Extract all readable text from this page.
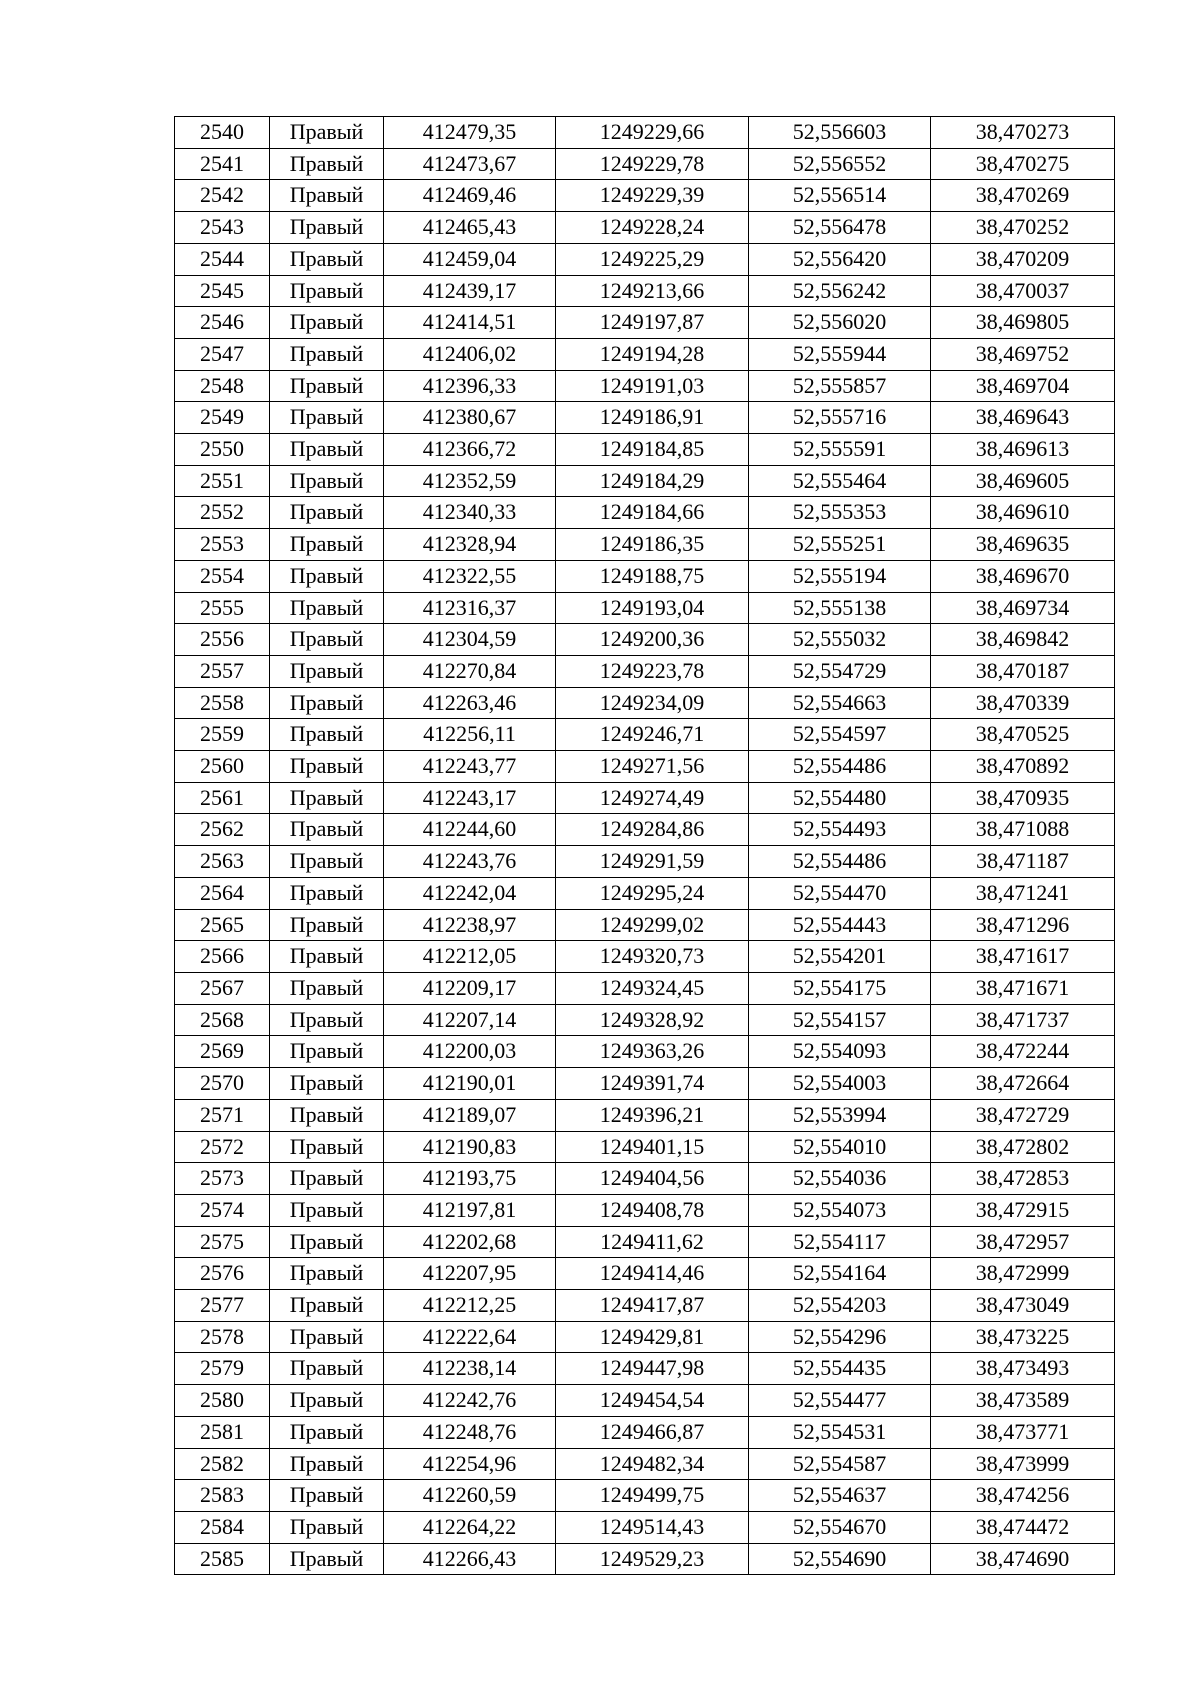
2540	Правый	412479,35	1249229,66	52,556603	38,470273
2541	Правый	412473,67	1249229,78	52,556552	38,470275
2542	Правый	412469,46	1249229,39	52,556514	38,470269
2543	Правый	412465,43	1249228,24	52,556478	38,470252
2544	Правый	412459,04	1249225,29	52,556420	38,470209
2545	Правый	412439,17	1249213,66	52,556242	38,470037
2546	Правый	412414,51	1249197,87	52,556020	38,469805
2547	Правый	412406,02	1249194,28	52,555944	38,469752
2548	Правый	412396,33	1249191,03	52,555857	38,469704
2549	Правый	412380,67	1249186,91	52,555716	38,469643
2550	Правый	412366,72	1249184,85	52,555591	38,469613
2551	Правый	412352,59	1249184,29	52,555464	38,469605
2552	Правый	412340,33	1249184,66	52,555353	38,469610
2553	Правый	412328,94	1249186,35	52,555251	38,469635
2554	Правый	412322,55	1249188,75	52,555194	38,469670
2555	Правый	412316,37	1249193,04	52,555138	38,469734
2556	Правый	412304,59	1249200,36	52,555032	38,469842
2557	Правый	412270,84	1249223,78	52,554729	38,470187
2558	Правый	412263,46	1249234,09	52,554663	38,470339
2559	Правый	412256,11	1249246,71	52,554597	38,470525
2560	Правый	412243,77	1249271,56	52,554486	38,470892
2561	Правый	412243,17	1249274,49	52,554480	38,470935
2562	Правый	412244,60	1249284,86	52,554493	38,471088
2563	Правый	412243,76	1249291,59	52,554486	38,471187
2564	Правый	412242,04	1249295,24	52,554470	38,471241
2565	Правый	412238,97	1249299,02	52,554443	38,471296
2566	Правый	412212,05	1249320,73	52,554201	38,471617
2567	Правый	412209,17	1249324,45	52,554175	38,471671
2568	Правый	412207,14	1249328,92	52,554157	38,471737
2569	Правый	412200,03	1249363,26	52,554093	38,472244
2570	Правый	412190,01	1249391,74	52,554003	38,472664
2571	Правый	412189,07	1249396,21	52,553994	38,472729
2572	Правый	412190,83	1249401,15	52,554010	38,472802
2573	Правый	412193,75	1249404,56	52,554036	38,472853
2574	Правый	412197,81	1249408,78	52,554073	38,472915
2575	Правый	412202,68	1249411,62	52,554117	38,472957
2576	Правый	412207,95	1249414,46	52,554164	38,472999
2577	Правый	412212,25	1249417,87	52,554203	38,473049
2578	Правый	412222,64	1249429,81	52,554296	38,473225
2579	Правый	412238,14	1249447,98	52,554435	38,473493
2580	Правый	412242,76	1249454,54	52,554477	38,473589
2581	Правый	412248,76	1249466,87	52,554531	38,473771
2582	Правый	412254,96	1249482,34	52,554587	38,473999
2583	Правый	412260,59	1249499,75	52,554637	38,474256
2584	Правый	412264,22	1249514,43	52,554670	38,474472
2585	Правый	412266,43	1249529,23	52,554690	38,474690
